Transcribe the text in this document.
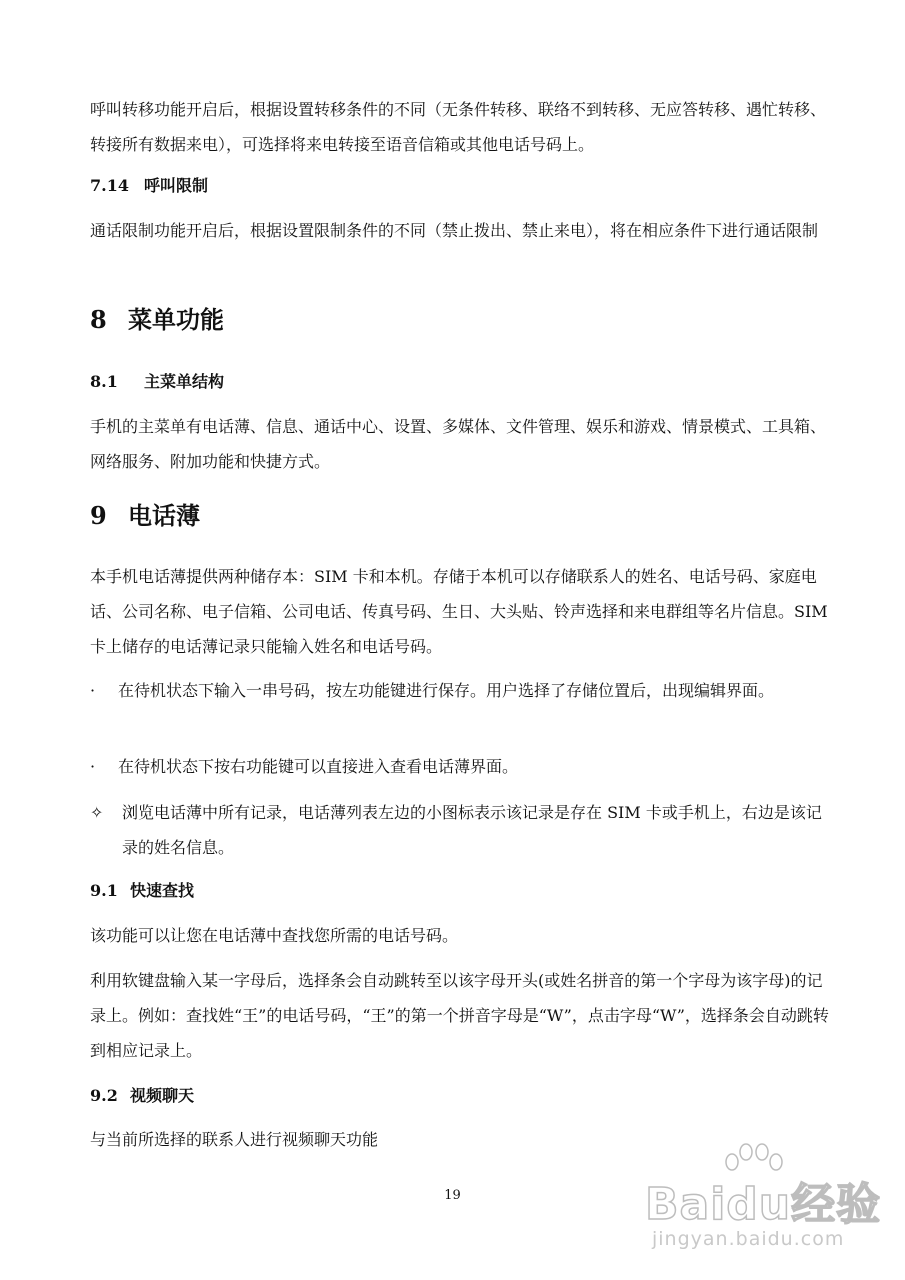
呼叫转移功能开启后，根据设置转移条件的不同（无条件转移、联络不到转移、无应答转移、遇忙转移、转接所有数据来电），可选择将来电转接至语音信箱或其他电话号码上。
7.14 呼叫限制
通话限制功能开启后，根据设置限制条件的不同（禁止拨出、禁止来电），将在相应条件下进行通话限制
8 菜单功能
8.1 主菜单结构
手机的主菜单有电话薄、信息、通话中心、设置、多媒体、文件管理、娱乐和游戏、情景模式、工具箱、网络服务、附加功能和快捷方式。
9 电话薄
本手机电话薄提供两种储存本：SIM 卡和本机。存储于本机可以存储联系人的姓名、电话号码、家庭电话、公司名称、电子信箱、公司电话、传真号码、生日、大头贴、铃声选择和来电群组等名片信息。SIM 卡上储存的电话薄记录只能输入姓名和电话号码。
· 在待机状态下输入一串号码，按左功能键进行保存。用户选择了存储位置后，出现编辑界面。
· 在待机状态下按右功能键可以直接进入查看电话薄界面。
✧	浏览电话薄中所有记录，电话薄列表左边的小图标表示该记录是存在 SIM 卡或手机上，右边是该记录的姓名信息。
9.1 快速查找
该功能可以让您在电话薄中查找您所需的电话号码。
利用软键盘输入某一字母后，选择条会自动跳转至以该字母开头(或姓名拼音的第一个字母为该字母)的记录上。例如：查找姓“王”的电话号码，“王”的第一个拼音字母是“W”，点击字母“W”，选择条会自动跳转到相应记录上。
9.2 视频聊天
与当前所选择的联系人进行视频聊天功能
19	Baidu经验
jingyan.baidu.com
